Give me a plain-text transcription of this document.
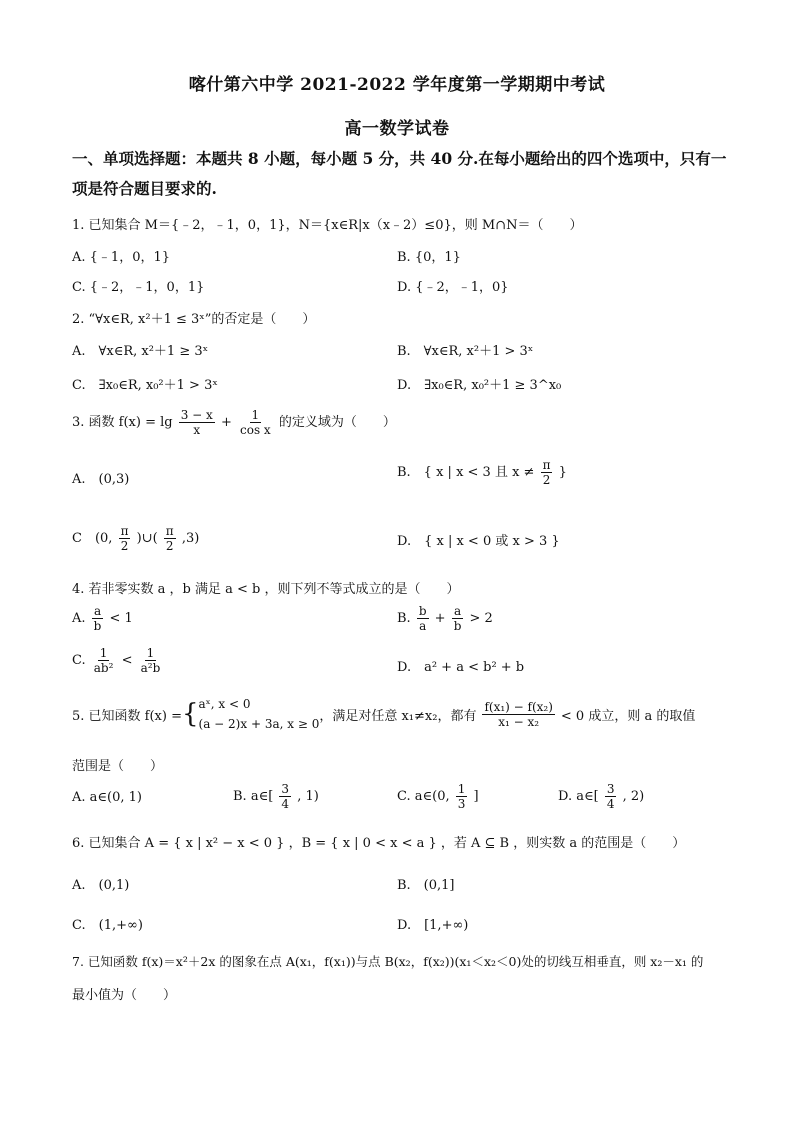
喀什第六中学 2021-2022 学年度第一学期期中考试
高一数学试卷
一、单项选择题：本题共 8 小题，每小题 5 分，共 40 分.在每小题给出的四个选项中，只有一项是符合题目要求的.
1. 已知集合 M＝{﹣2，﹣1，0，1}，N＝{x∈R|x（x﹣2）≤0}，则 M∩N＝（　　）
A. {﹣1，0，1}	B. {0，1}
C. {﹣2，﹣1，0，1}	D. {﹣2，﹣1，0}
2. “∀x∈R, x²＋1 ≤ 3ˣ”的否定是（　　）
A.　∀x∈R, x²＋1 ≥ 3ˣ	B.　∀x∈R, x²＋1 > 3ˣ
C.　∃x₀∈R, x₀²＋1 > 3ˣ	D.　∃x₀∈R, x₀²＋1 ≥ 3^x₀
3. 函数 $f(x) = \lg \frac{3 - x}{x} + \frac{1}{\text{cos x}}$ 的定义域为（　　）
A.　(0,3)	B.　{ x | x < 3 且 $x \ne \frac{\pi}{2}$ }
C　(0, $\frac{\pi}{2}$ )∪( $\frac{\pi}{2} ,3$)	D.　{ x | x < 0 或 x > 3 }
4. 若非零实数 a ，b 满足 a < b ，则下列不等式成立的是（　　）
A. $\frac{a}{b} < 1$	B. $\frac{b}{a} + \frac{a}{b} > 2$
C. $\frac{1}{\text{ab²}} < \frac{1}{\text{a²b}}$	D.　a² + a < b² + b
5. 已知函数 f(x) = { aˣ, x < 0
(a − 2)x + 3a, x ≥ 0
，满足对任意 x₁≠x₂，都有 $\frac{\text{f(x₁) − f(x₂)}}{\text{x₁ − x₂}} < 0$ 成立，则 a 的取值
范围是（　　）
A. a∈(0, 1)	B. a∈[ $\frac{3}{4}$ , 1)	C. a∈(0, $\frac{1}{3}$ ]	D. a∈[ $\frac{3}{4}$ , 2)
6. 已知集合 A = { x | x² − x < 0 } ，B = { x | 0 < x < a } ，若 A ⊆ B ，则实数 a 的范围是（　　）
A.　(0,1)	B.　(0,1]
C.　(1,+∞)	D.　[1,+∞)
7. 已知函数 f(x)＝x²＋2x 的图象在点 A(x₁，f(x₁))与点 B(x₂，f(x₂))(x₁＜x₂＜0)处的切线互相垂直，则 x₂－x₁ 的
最小值为（　　）
